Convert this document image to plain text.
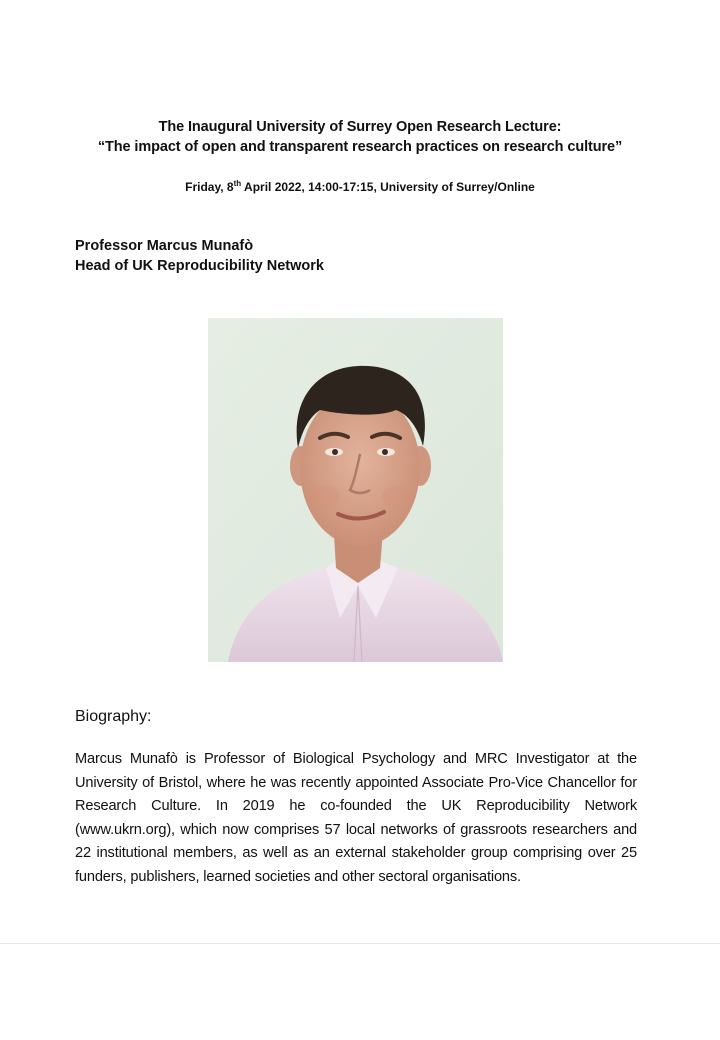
The Inaugural University of Surrey Open Research Lecture:
“The impact of open and transparent research practices on research culture”
Friday, 8th April 2022, 14:00-17:15, University of Surrey/Online
Professor Marcus Munafò
Head of UK Reproducibility Network
Biography:
Marcus Munafò is Professor of Biological Psychology and MRC Investigator at the University of Bristol, where he was recently appointed Associate Pro-Vice Chancellor for Research Culture. In 2019 he co-founded the UK Reproducibility Network (www.ukrn.org), which now comprises 57 local networks of grassroots researchers and 22 institutional members, as well as an external stakeholder group comprising over 25 funders, publishers, learned societies and other sectoral organisations.
